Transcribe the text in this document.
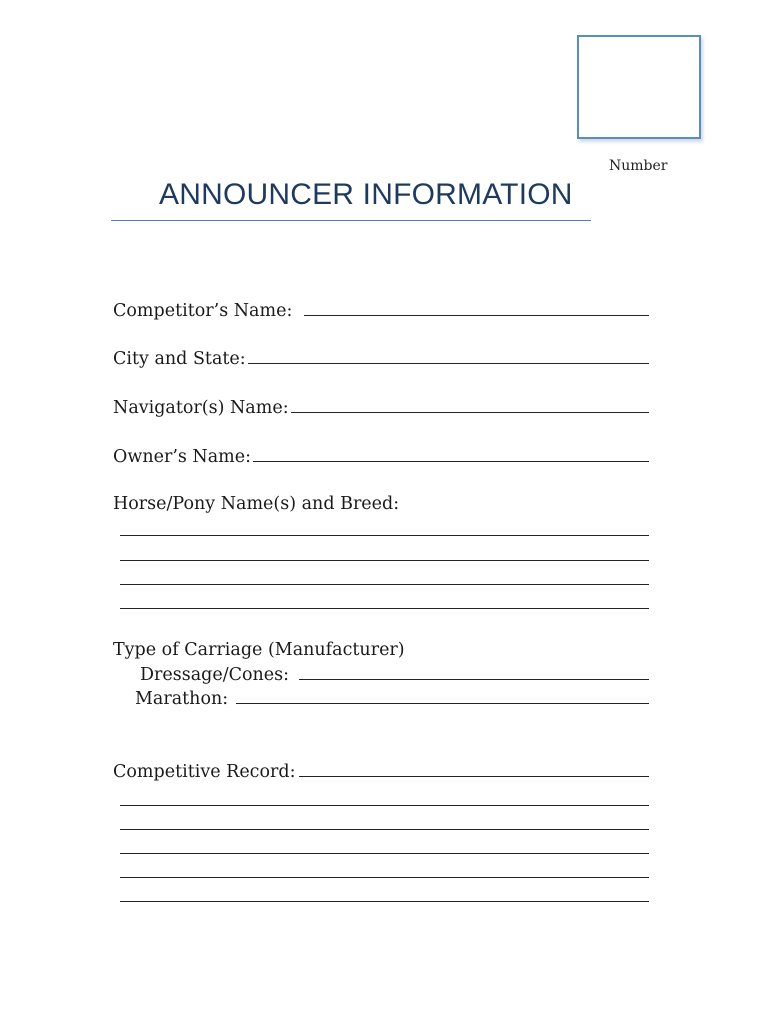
Number
ANNOUNCER INFORMATION
Competitor’s Name:
City and State:
Navigator(s) Name:
Owner’s Name:
Horse/Pony Name(s) and Breed:
Type of Carriage (Manufacturer)
Dressage/Cones:
Marathon:
Competitive Record:
